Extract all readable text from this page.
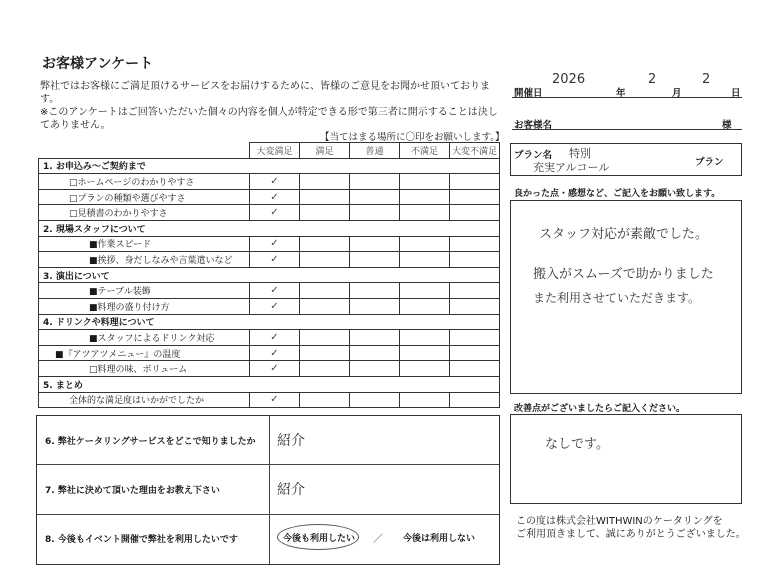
お客様アンケート
弊社ではお客様にご満足頂けるサービスをお届けするために、皆様のご意見をお聞かせ頂いております。
※このアンケートはご回答いただいた個々の内容を個人が特定できる形で第三者に開示することは決してありません。
【当てはまる場所に〇印をお願いします。】
	大変満足	満足	普通	不満足	大変不満足
1. お申込み～ご契約まで					
□ホームページのわかりやすさ	✓				
□プランの種類や選びやすさ	✓				
□見積書のわかりやすさ	✓				
2. 現場スタッフについて					
■作業スピード	✓				
■挨拶、身だしなみや言葉遣いなど	✓				
3. 演出について					
■テーブル装飾	✓				
■料理の盛り付け方	✓				
4. ドリンクや料理について					
■スタッフによるドリンク対応	✓				
■『アツアツメニュー』の温度	✓				
□料理の味、ボリューム	✓				
5. まとめ					
全体的な満足度はいかがでしたか	✓				
6. 弊社ケータリングサービスをどこで知りましたか 紹介
7. 弊社に決めて頂いた理由をお教え下さい	紹介
8. 今後もイベント開催で弊社を利用したいです	今後も利用したい ／ 今後は利用しない
開催日
2026
年
2
月
2
日
お客様名	様
プラン名 特別
充実アルコール	プラン
良かった点・感想など、ご記入をお願い致します。
スタッフ対応が素敵でした。
搬入がスムーズで助かりました
また利用させていただきます。
改善点がございましたらご記入ください。
なしです。
この度は株式会社WITHWINのケータリングを
ご利用頂きまして、誠にありがとうございました。
